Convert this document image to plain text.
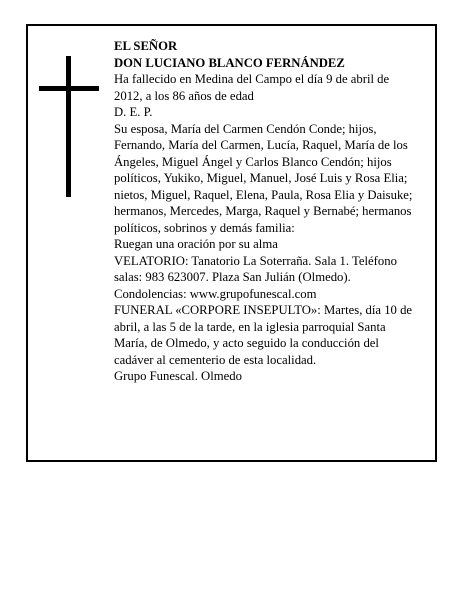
EL SEÑOR

DON LUCIANO BLANCO FERNÁNDEZ

Ha fallecido en Medina del Campo el día 9 de abril de 2012, a los 86 años de edad

D. E. P.

Su esposa, María del Carmen Cendón Conde; hijos, Fernando, María del Carmen, Lucía, Raquel, María de los Ángeles, Miguel Ángel y Carlos Blanco Cendón; hijos políticos, Yukiko, Miguel, Manuel, José Luis y Rosa Elia; nietos, Miguel, Raquel, Elena, Paula, Rosa Elia y Daisuke; hermanos, Mercedes, Marga, Raquel y Bernabé; hermanos políticos, sobrinos y demás familia:

Ruegan una oración por su alma

VELATORIO: Tanatorio La Soterraña. Sala 1. Teléfono salas: 983 623007. Plaza San Julián (Olmedo).

Condolencias: www.grupofunescal.com

FUNERAL «CORPORE INSEPULTO»: Martes, día 10 de abril, a las 5 de la tarde, en la iglesia parroquial Santa María, de Olmedo, y acto seguido la conducción del cadáver al cementerio de esta localidad.

Grupo Funescal. Olmedo
